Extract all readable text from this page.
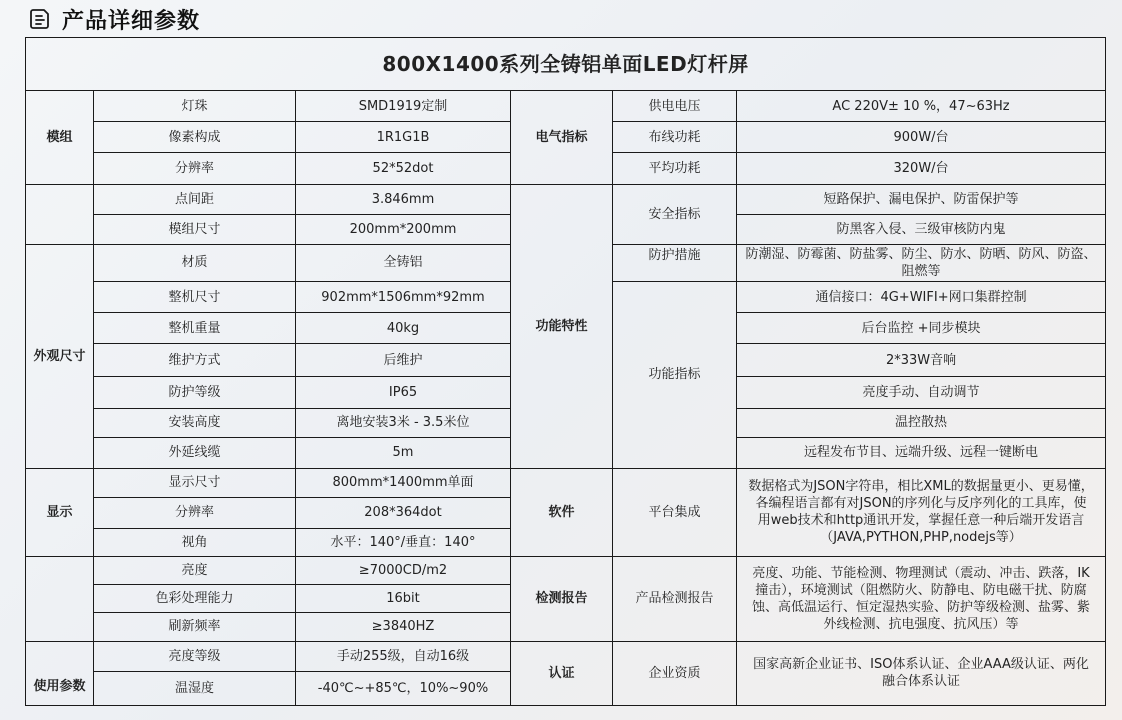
产品详细参数
800X1400系列全铸铝单面LED灯杆屏					
模组	灯珠	SMD1919定制	电气指标	供电电压	AC 220V± 10 %，47~63Hz
	像素构成	1R1G1B		布线功耗	900W/台
	分辨率	52*52dot		平均功耗	320W/台
	点间距	3.846mm	功能特性	安全指标	短路保护、漏电保护、防雷保护等
	模组尺寸	200mm*200mm			防黑客入侵、三级审核防内鬼
外观尺寸	材质	全铸铝		防护措施	防潮湿、防霉菌、防盐雾、防尘、防水、防晒、防风、防盗、
阻燃等
	整机尺寸	902mm*1506mm*92mm		功能指标	通信接口：4G+WIFI+网口集群控制
	整机重量	40kg			后台监控 +同步模块
	维护方式	后维护			2*33W音响
	防护等级	IP65			亮度手动、自动调节
	安装高度	离地安装3米 - 3.5米位			温控散热
	外延线缆	5m			远程发布节目、远端升级、远程一键断电
显示	显示尺寸	800mm*1400mm单面	软件	平台集成	数据格式为JSON字符串，相比XML的数据量更小、更易懂，
各编程语言都有对JSON的序列化与反序列化的工具库，使
用web技术和http通讯开发，掌握任意一种后端开发语言
（JAVA,PYTHON,PHP,nodejs等）
	分辨率	208*364dot			
	视角	水平：140°/垂直：140°			
	亮度	≥7000CD/m2	检测报告	产品检测报告	亮度、功能、节能检测、物理测试（震动、冲击、跌落，IK
撞击），环境测试（阻燃防火、防静电、防电磁干扰、防腐
蚀、高低温运行、恒定湿热实验、防护等级检测、盐雾、紫
外线检测、抗电强度、抗风压）等
	色彩处理能力	16bit			
	刷新频率	≥3840HZ			
使用参数	亮度等级	手动255级，自动16级	认证	企业资质	国家高新企业证书、ISO体系认证、企业AAA级认证、两化
融合体系认证
	温湿度	-40℃~+85℃，10%~90%			
